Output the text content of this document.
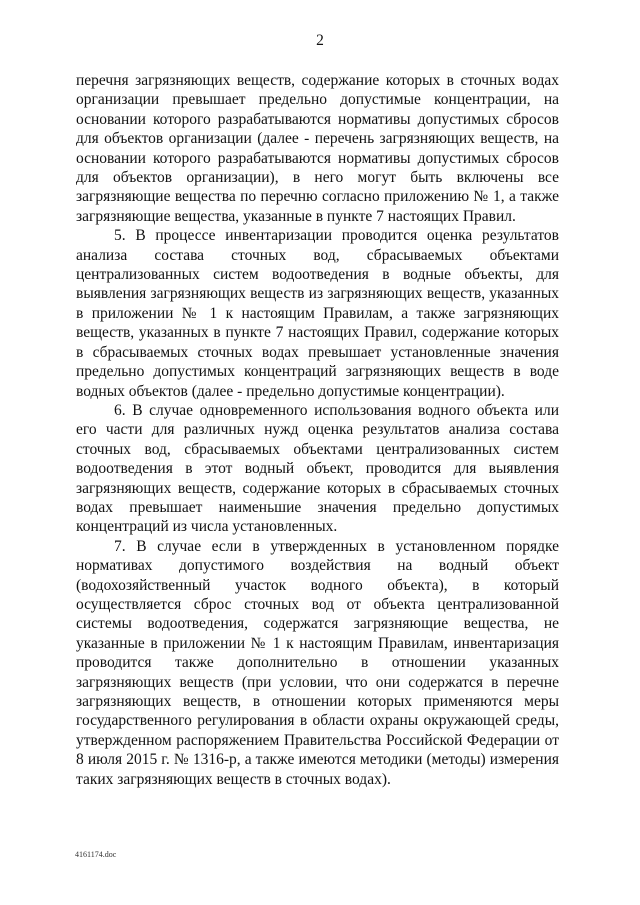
2

перечня загрязняющих веществ, содержание которых в сточных водах организации превышает предельно допустимые концентрации, на основании которого разрабатываются нормативы допустимых сбросов для объектов организации (далее - перечень загрязняющих веществ, на основании которого разрабатываются нормативы допустимых сбросов для объектов организации), в него могут быть включены все загрязняющие вещества по перечню согласно приложению № 1, а также загрязняющие вещества, указанные в пункте 7 настоящих Правил.

5. В процессе инвентаризации проводится оценка результатов анализа состава сточных вод, сбрасываемых объектами централизованных систем водоотведения в водные объекты, для выявления загрязняющих веществ из загрязняющих веществ, указанных в приложении № 1 к настоящим Правилам, а также загрязняющих веществ, указанных в пункте 7 настоящих Правил, содержание которых в сбрасываемых сточных водах превышает установленные значения предельно допустимых концентраций загрязняющих веществ в воде водных объектов (далее - предельно допустимые концентрации).

6. В случае одновременного использования водного объекта или его части для различных нужд оценка результатов анализа состава сточных вод, сбрасываемых объектами централизованных систем водоотведения в этот водный объект, проводится для выявления загрязняющих веществ, содержание которых в сбрасываемых сточных водах превышает наименьшие значения предельно допустимых концентраций из числа установленных.

7. В случае если в утвержденных в установленном порядке нормативах допустимого воздействия на водный объект (водохозяйственный участок водного объекта), в который осуществляется сброс сточных вод от объекта централизованной системы водоотведения, содержатся загрязняющие вещества, не указанные в приложении № 1 к настоящим Правилам, инвентаризация проводится также дополнительно в отношении указанных загрязняющих веществ (при условии, что они содержатся в перечне загрязняющих веществ, в отношении которых применяются меры государственного регулирования в области охраны окружающей среды, утвержденном распоряжением Правительства Российской Федерации от 8 июля 2015 г. № 1316-р, а также имеются методики (методы) измерения таких загрязняющих веществ в сточных водах).

4161174.doc
